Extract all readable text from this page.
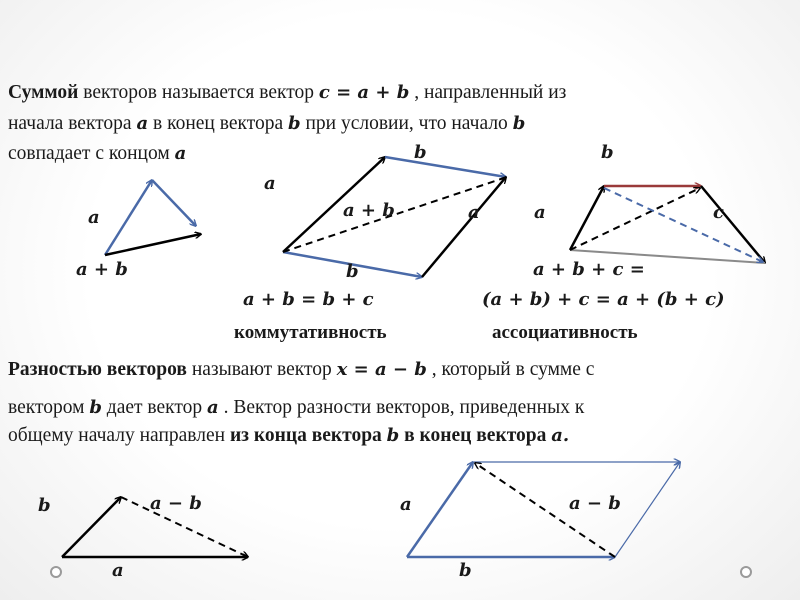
Суммой векторов называется вектор c = a + b , направленный из
начала вектора a в конец вектора b при условии, что начало b
совпадает с концом a
a
a + b
b
a
a + b	a
b
a + b = b + c
коммутативность
b
a	c
a + b + c =
(a + b) + c = a + (b + c)
ассоциативность
Разностью векторов называют вектор x = a − b , который в сумме с
вектором b дает вектор a . Вектор разности векторов, приведенных к
общему началу направлен из конца вектора b в конец вектора a.
b	a − b
a
a	a − b
b
